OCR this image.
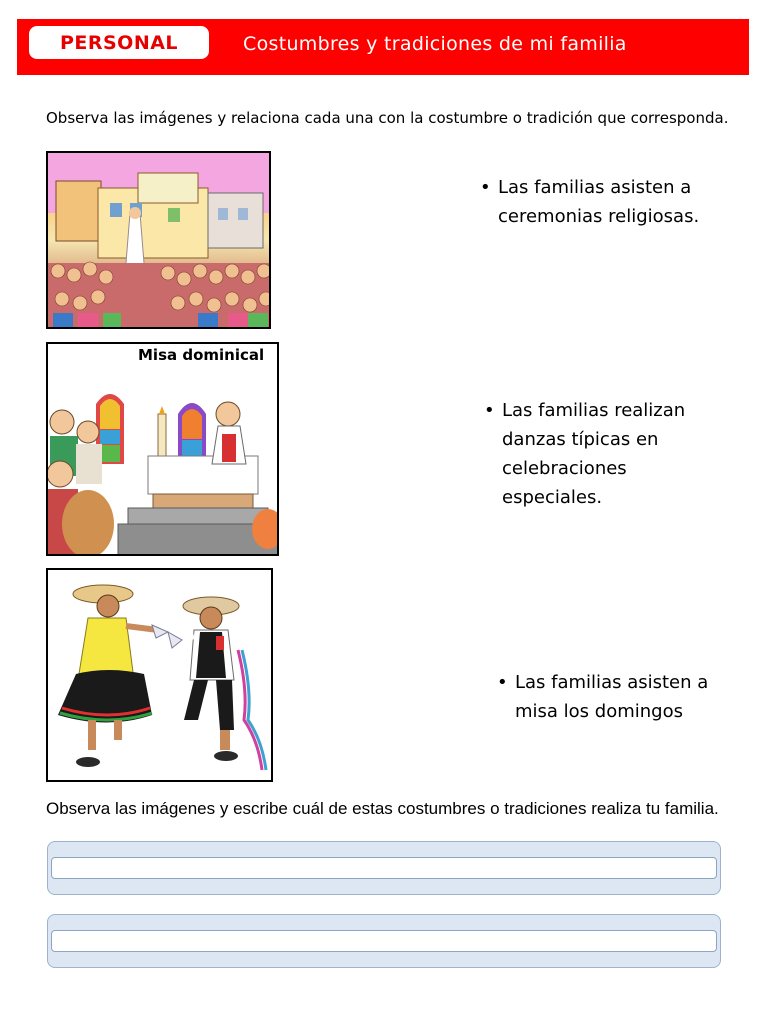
PERSONAL	Costumbres y tradiciones de mi familia
Observa las imágenes y relaciona cada una con la costumbre o tradición que corresponda.
Misa dominical
• Las familias asisten a ceremonias religiosas.
• Las familias realizan danzas típicas en celebraciones especiales.
• Las familias asisten a misa los domingos
Observa las imágenes y escribe cuál de estas costumbres o tradiciones realiza tu familia.
